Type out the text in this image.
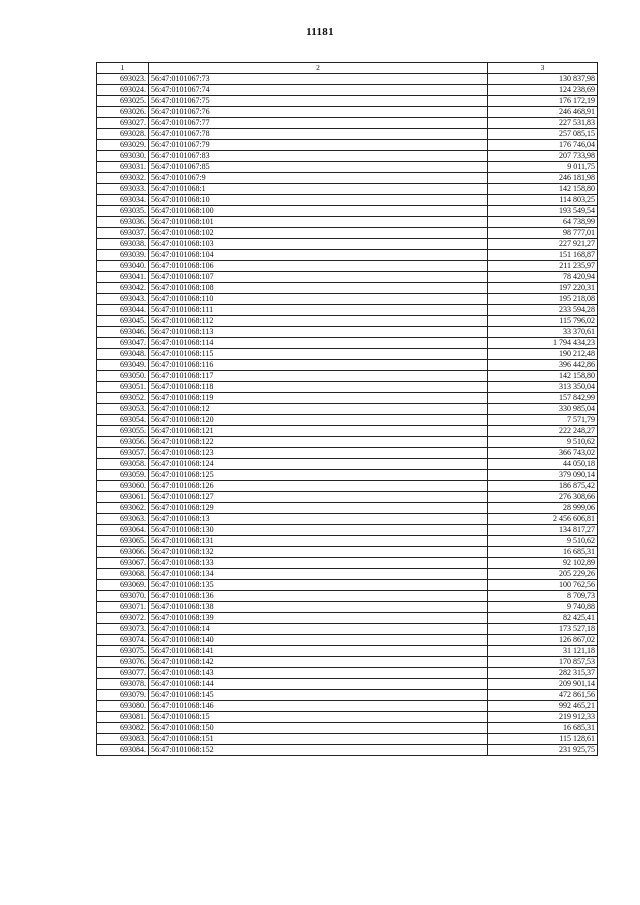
11181
1	2	3
693023.	56:47:0101067:73	130 837,98
693024.	56:47:0101067:74	124 238,69
693025.	56:47:0101067:75	176 172,19
693026.	56:47:0101067:76	246 468,91
693027.	56:47:0101067:77	227 531,83
693028.	56:47:0101067:78	257 085,15
693029.	56:47:0101067:79	176 746,04
693030.	56:47:0101067:83	207 733,98
693031.	56:47:0101067:85	9 011,75
693032.	56:47:0101067:9	246 181,98
693033.	56:47:0101068:1	142 158,80
693034.	56:47:0101068:10	114 803,25
693035.	56:47:0101068:100	193 549,54
693036.	56:47:0101068:101	64 738,99
693037.	56:47:0101068:102	98 777,01
693038.	56:47:0101068:103	227 921,27
693039.	56:47:0101068:104	151 168,87
693040.	56:47:0101068:106	211 235,97
693041.	56:47:0101068:107	78 420,94
693042.	56:47:0101068:108	197 220,31
693043.	56:47:0101068:110	195 218,08
693044.	56:47:0101068:111	233 594,28
693045.	56:47:0101068:112	115 796,02
693046.	56:47:0101068:113	33 370,61
693047.	56:47:0101068:114	1 794 434,23
693048.	56:47:0101068:115	190 212,48
693049.	56:47:0101068:116	396 442,86
693050.	56:47:0101068:117	142 158,80
693051.	56:47:0101068:118	313 350,04
693052.	56:47:0101068:119	157 842,99
693053.	56:47:0101068:12	330 985,04
693054.	56:47:0101068:120	7 571,79
693055.	56:47:0101068:121	222 248,27
693056.	56:47:0101068:122	9 510,62
693057.	56:47:0101068:123	366 743,02
693058.	56:47:0101068:124	44 050,18
693059.	56:47:0101068:125	379 090,14
693060.	56:47:0101068:126	186 875,42
693061.	56:47:0101068:127	276 308,66
693062.	56:47:0101068:129	28 999,06
693063.	56:47:0101068:13	2 456 606,81
693064.	56:47:0101068:130	134 817,27
693065.	56:47:0101068:131	9 510,62
693066.	56:47:0101068:132	16 685,31
693067.	56:47:0101068:133	92 102,89
693068.	56:47:0101068:134	205 229,26
693069.	56:47:0101068:135	100 762,56
693070.	56:47:0101068:136	8 709,73
693071.	56:47:0101068:138	9 740,88
693072.	56:47:0101068:139	82 425,41
693073.	56:47:0101068:14	173 527,18
693074.	56:47:0101068:140	126 867,02
693075.	56:47:0101068:141	31 121,18
693076.	56:47:0101068:142	170 857,53
693077.	56:47:0101068:143	282 315,37
693078.	56:47:0101068:144	209 901,14
693079.	56:47:0101068:145	472 861,56
693080.	56:47:0101068:146	992 465,21
693081.	56:47:0101068:15	219 912,33
693082.	56:47:0101068:150	16 685,31
693083.	56:47:0101068:151	115 128,61
693084.	56:47:0101068:152	231 925,75
